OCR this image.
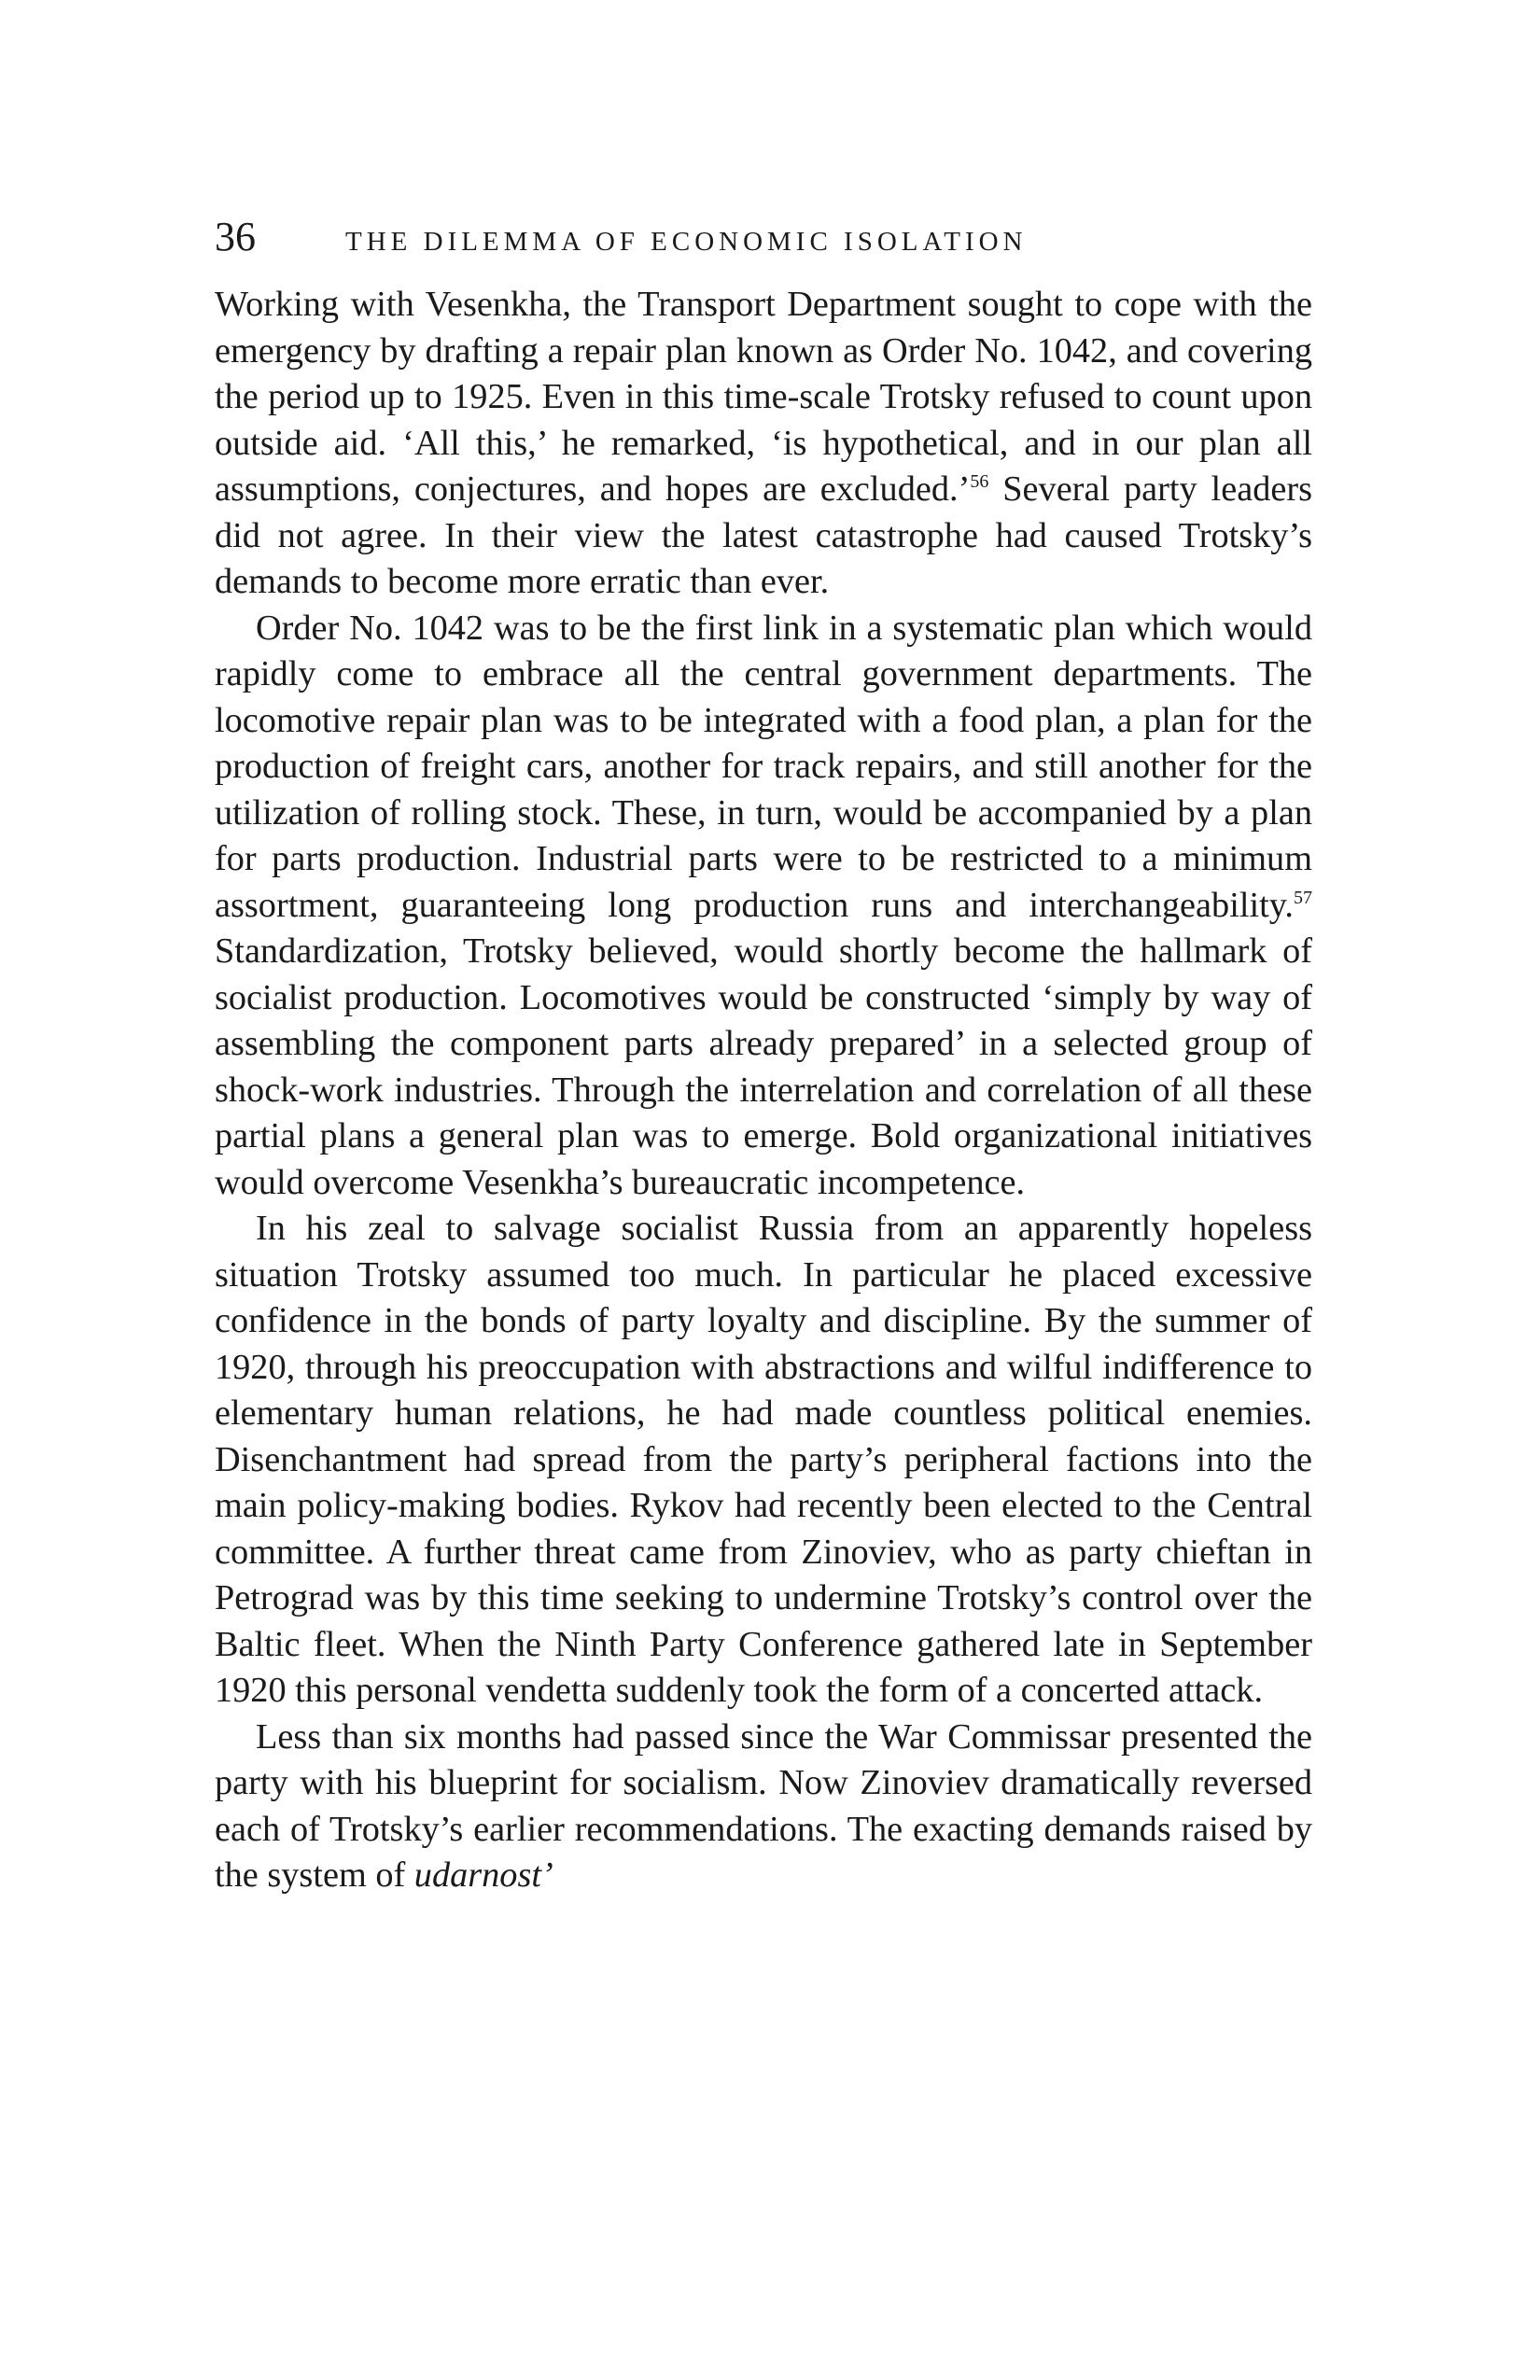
36	THE DILEMMA OF ECONOMIC ISOLATION

Working with Vesenkha, the Transport Department sought to cope with the emergency by drafting a repair plan known as Order No. 1042, and covering the period up to 1925. Even in this time-scale Trotsky refused to count upon outside aid. ‘All this,’ he remarked, ‘is hypothetical, and in our plan all assumptions, conjectures, and hopes are excluded.’$^{56}$ Several party leaders did not agree. In their view the latest catastrophe had caused Trotsky’s demands to become more erratic than ever.

Order No. 1042 was to be the first link in a systematic plan which would rapidly come to embrace all the central government departments. The locomotive repair plan was to be integrated with a food plan, a plan for the production of freight cars, another for track repairs, and still another for the utilization of rolling stock. These, in turn, would be accompanied by a plan for parts production. Industrial parts were to be restricted to a minimum assortment, guaranteeing long production runs and interchangeability.$^{57}$ Standardization, Trotsky believed, would shortly become the hallmark of socialist production. Locomotives would be constructed ‘simply by way of assembling the component parts already prepared’ in a selected group of shock-work industries. Through the interrelation and correlation of all these partial plans a general plan was to emerge. Bold organizational initiatives would overcome Vesenkha’s bureaucratic incompetence.

In his zeal to salvage socialist Russia from an apparently hopeless situation Trotsky assumed too much. In particular he placed excessive confidence in the bonds of party loyalty and discipline. By the summer of 1920, through his preoccupation with abstractions and wilful indifference to elementary human relations, he had made countless political enemies. Disenchantment had spread from the party’s peripheral factions into the main policy-making bodies. Rykov had recently been elected to the Central committee. A further threat came from Zinoviev, who as party chieftan in Petrograd was by this time seeking to undermine Trotsky’s control over the Baltic fleet. When the Ninth Party Conference gathered late in September 1920 this personal vendetta suddenly took the form of a concerted attack.

Less than six months had passed since the War Commissar presented the party with his blueprint for socialism. Now Zinoviev dramatically reversed each of Trotsky’s earlier recommendations. The exacting demands raised by the system of udarnost’
